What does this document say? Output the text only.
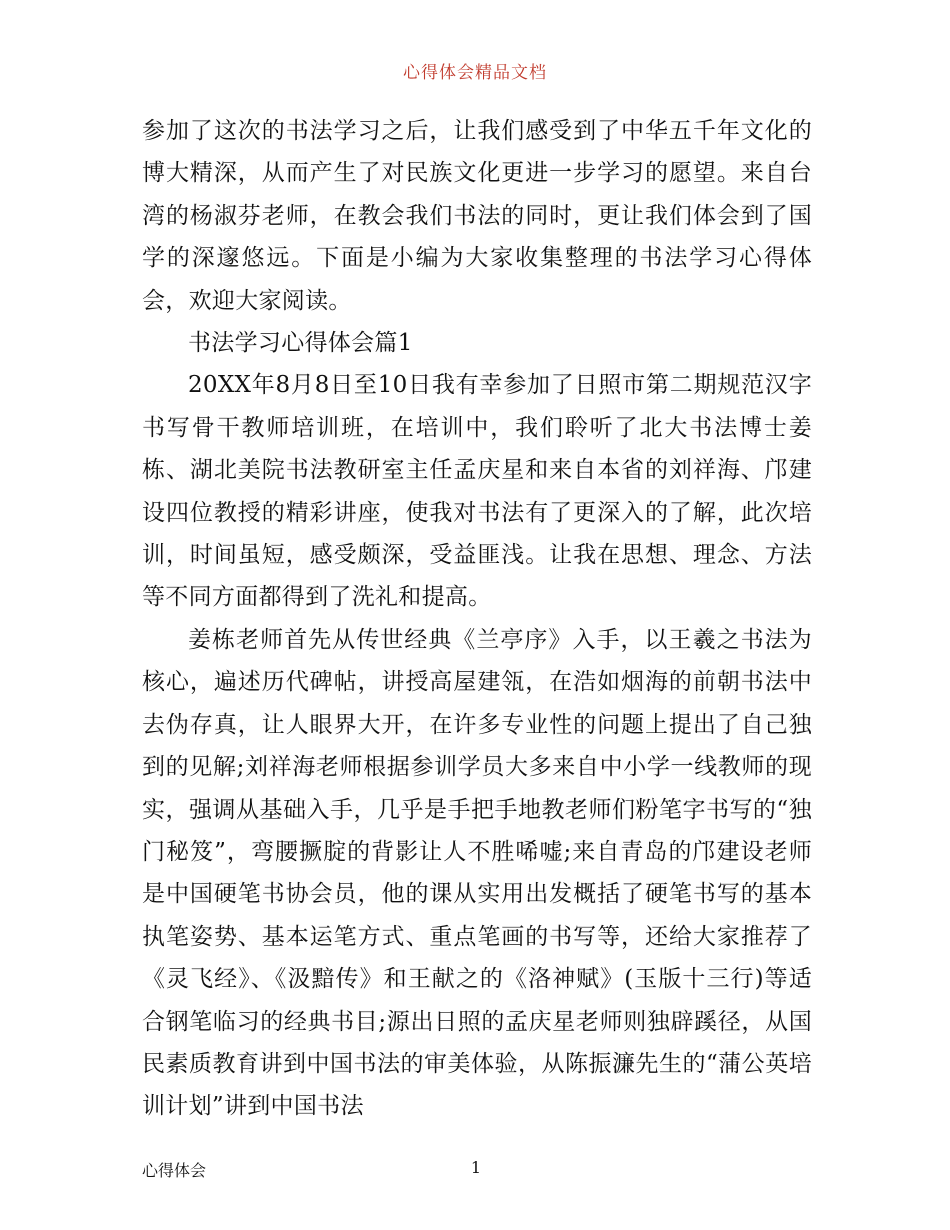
心得体会精品文档

参加了这次的书法学习之后，让我们感受到了中华五千年文化的博大精深，从而产生了对民族文化更进一步学习的愿望。来自台湾的杨淑芬老师，在教会我们书法的同时，更让我们体会到了国学的深邃悠远。下面是小编为大家收集整理的书法学习心得体会，欢迎大家阅读。

书法学习心得体会篇1

20XX年8月8日至10日我有幸参加了日照市第二期规范汉字书写骨干教师培训班，在培训中，我们聆听了北大书法博士姜栋、湖北美院书法教研室主任孟庆星和来自本省的刘祥海、邝建设四位教授的精彩讲座，使我对书法有了更深入的了解，此次培训，时间虽短，感受颇深，受益匪浅。让我在思想、理念、方法等不同方面都得到了洗礼和提高。

姜栋老师首先从传世经典《兰亭序》入手，以王羲之书法为核心，遍述历代碑帖，讲授高屋建瓴，在浩如烟海的前朝书法中去伪存真，让人眼界大开，在许多专业性的问题上提出了自己独到的见解;刘祥海老师根据参训学员大多来自中小学一线教师的现实，强调从基础入手，几乎是手把手地教老师们粉笔字书写的“独门秘笈”，弯腰撅腚的背影让人不胜唏嘘;来自青岛的邝建设老师是中国硬笔书协会员，他的课从实用出发概括了硬笔书写的基本执笔姿势、基本运笔方式、重点笔画的书写等，还给大家推荐了《灵飞经》、《汲黯传》和王献之的《洛神赋》(玉版十三行)等适合钢笔临习的经典书目;源出日照的孟庆星老师则独辟蹊径，从国民素质教育讲到中国书法的审美体验，从陈振濂先生的“蒲公英培训计划”讲到中国书法

心得体会	1
